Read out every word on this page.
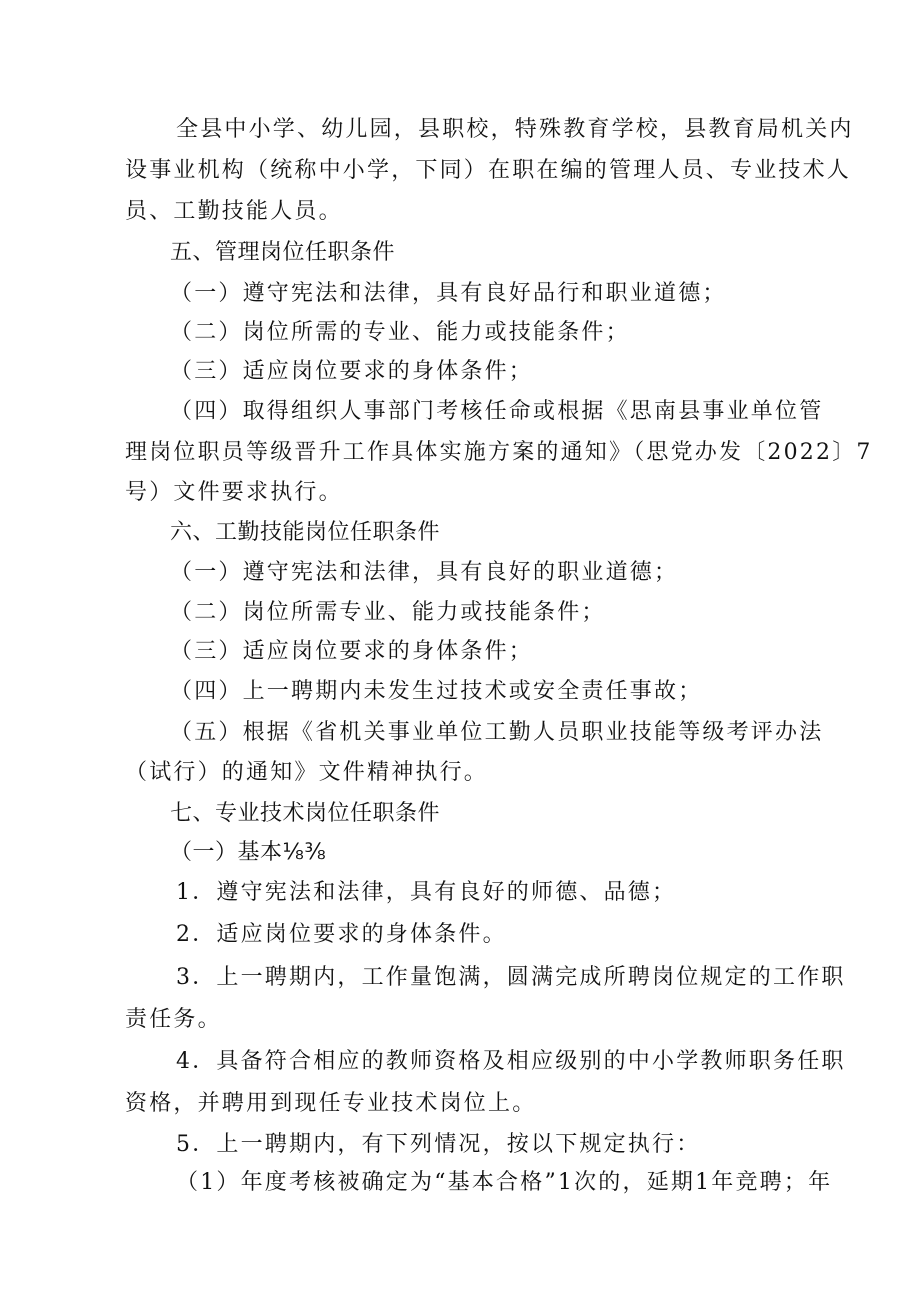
全县中小学、幼儿园，县职校，特殊教育学校，县教育局机关内
设事业机构（统称中小学，下同）在职在编的管理人员、专业技术人
员、工勤技能人员。
五、管理岗位任职条件
（一）遵守宪法和法律，具有良好品行和职业道德；
（二）岗位所需的专业、能力或技能条件；
（三）适应岗位要求的身体条件；
（四）取得组织人事部门考核任命或根据《思南县事业单位管
理岗位职员等级晋升工作具体实施方案的通知》（思党办发〔2022〕7
号）文件要求执行。
六、工勤技能岗位任职条件
（一）遵守宪法和法律，具有良好的职业道德；
（二）岗位所需专业、能力或技能条件；
（三）适应岗位要求的身体条件；
（四）上一聘期内未发生过技术或安全责任事故；
（五）根据《省机关事业单位工勤人员职业技能等级考评办法
（试行）的通知》文件精神执行。
七、专业技术岗位任职条件
（一）基本⅛⅜
1．遵守宪法和法律，具有良好的师德、品德；
2．适应岗位要求的身体条件。
3．上一聘期内，工作量饱满，圆满完成所聘岗位规定的工作职
责任务。
4．具备符合相应的教师资格及相应级别的中小学教师职务任职
资格，并聘用到现任专业技术岗位上。
5．上一聘期内，有下列情况，按以下规定执行：
（1）年度考核被确定为“基本合格”1次的，延期1年竞聘；年
